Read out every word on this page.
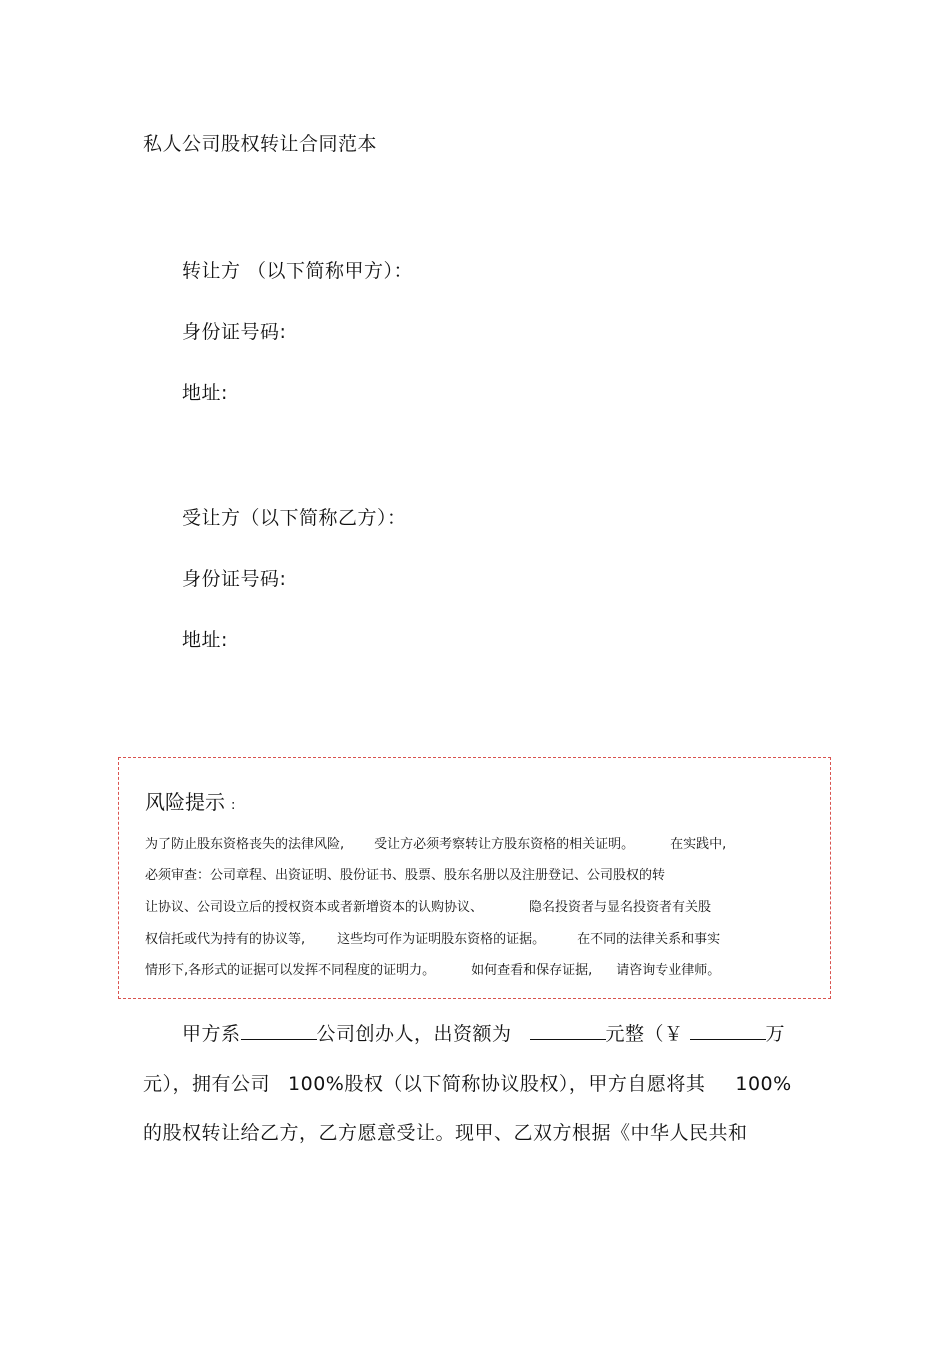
私人公司股权转让合同范本
转让方 （以下简称甲方）：
身份证号码:
地址:
受让方（以下简称乙方）：
身份证号码:
地址:
风险提示 :
为了防止股东资格丧失的法律风险, 受让方必须考察转让方股东资格的相关证明。	在实践中,
必须审查：公司章程、出资证明、股份证书、股票、股东名册以及注册登记、公司股权的转
让协议、公司设立后的授权资本或者新增资本的认购协议、	隐名投资者与显名投资者有关股
权信托或代为持有的协议等, 这些均可作为证明股东资格的证据。 在不同的法律关系和事实
情形下,各形式的证据可以发挥不同程度的证明力。	如何查看和保存证据, 请咨询专业律师。
甲方系	公司创办人，出资额为	元整（￥	万
元），拥有公司 100%股权（以下简称协议股权），甲方自愿将其 100%
的股权转让给乙方，乙方愿意受让。现甲、乙双方根据《中华人民共和
